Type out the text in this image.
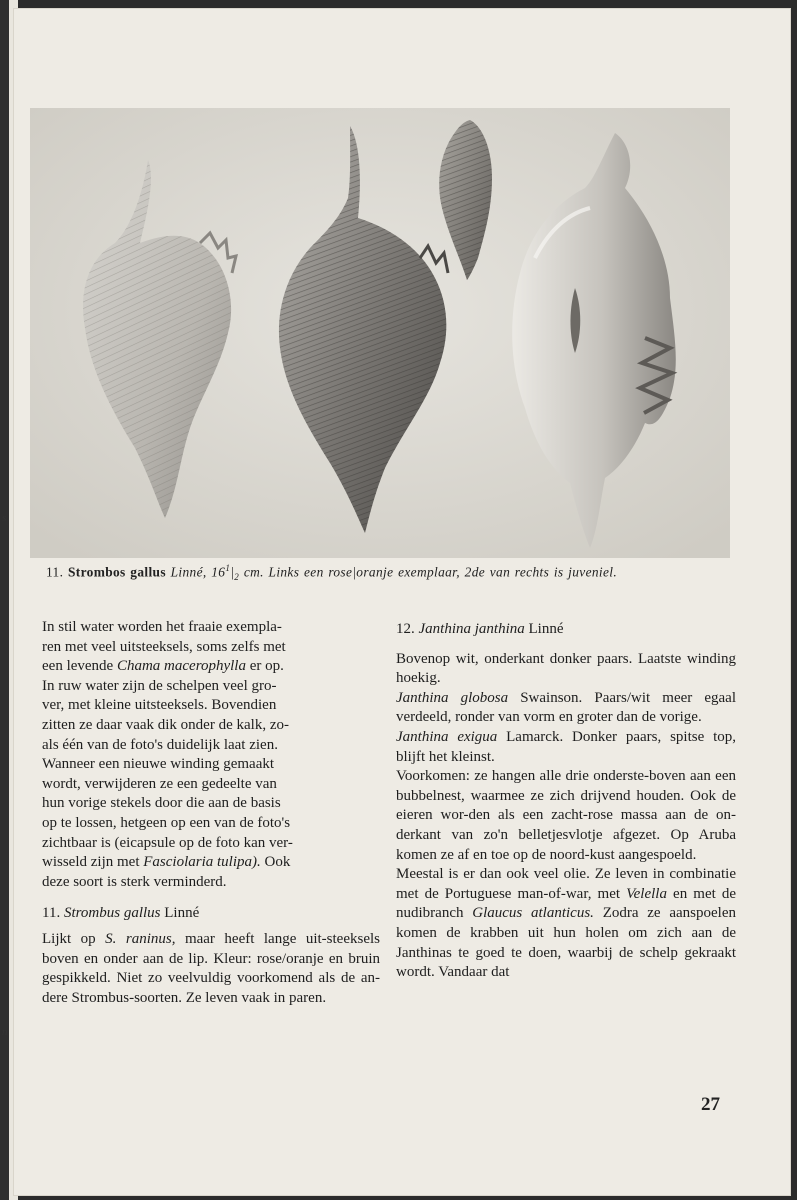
s
n
11. Strombos gallus Linné, $16^1|_2$ cm. Links een rose|oranje exemplaar, 2de van rechts is juveniel.

In stil water worden het fraaie exempla-
ren met veel uitsteeksels, soms zelfs met
een levende Chama macerophylla er op.
In ruw water zijn de schelpen veel gro-
ver, met kleine uitsteeksels. Bovendien
zitten ze daar vaak dik onder de kalk, zo-
als één van de foto's duidelijk laat zien.
Wanneer een nieuwe winding gemaakt
wordt, verwijderen ze een gedeelte van
hun vorige stekels door die aan de basis
op te lossen, hetgeen op een van de foto's
zichtbaar is (eicapsule op de foto kan ver-
wisseld zijn met Fasciolaria tulipa). Ook
deze soort is sterk verminderd.

11. Strombus gallus Linné

Lijkt op S. raninus, maar heeft lange uit-steeksels boven en onder aan de lip. Kleur: rose/oranje en bruin gespikkeld. Niet zo veelvuldig voorkomend als de an-dere Strombus-soorten. Ze leven vaak in paren.

12. Janthina janthina Linné

Bovenop wit, onderkant donker paars. Laatste winding hoekig.

Janthina globosa Swainson. Paars/wit meer egaal verdeeld, ronder van vorm en groter dan de vorige.

Janthina exigua Lamarck. Donker paars, spitse top, blijft het kleinst.

Voorkomen: ze hangen alle drie onderste-boven aan een bubbelnest, waarmee ze zich drijvend houden. Ook de eieren wor-den als een zacht-rose massa aan de on-derkant van zo'n belletjesvlotje afgezet. Op Aruba komen ze af en toe op de noord-kust aangespoeld.

Meestal is er dan ook veel olie. Ze leven in combinatie met de Portuguese man-of-war, met Velella en met de nudibranch Glaucus atlanticus. Zodra ze aanspoelen komen de krabben uit hun holen om zich aan de Janthinas te goed te doen, waarbij de schelp gekraakt wordt. Vandaar dat

27
